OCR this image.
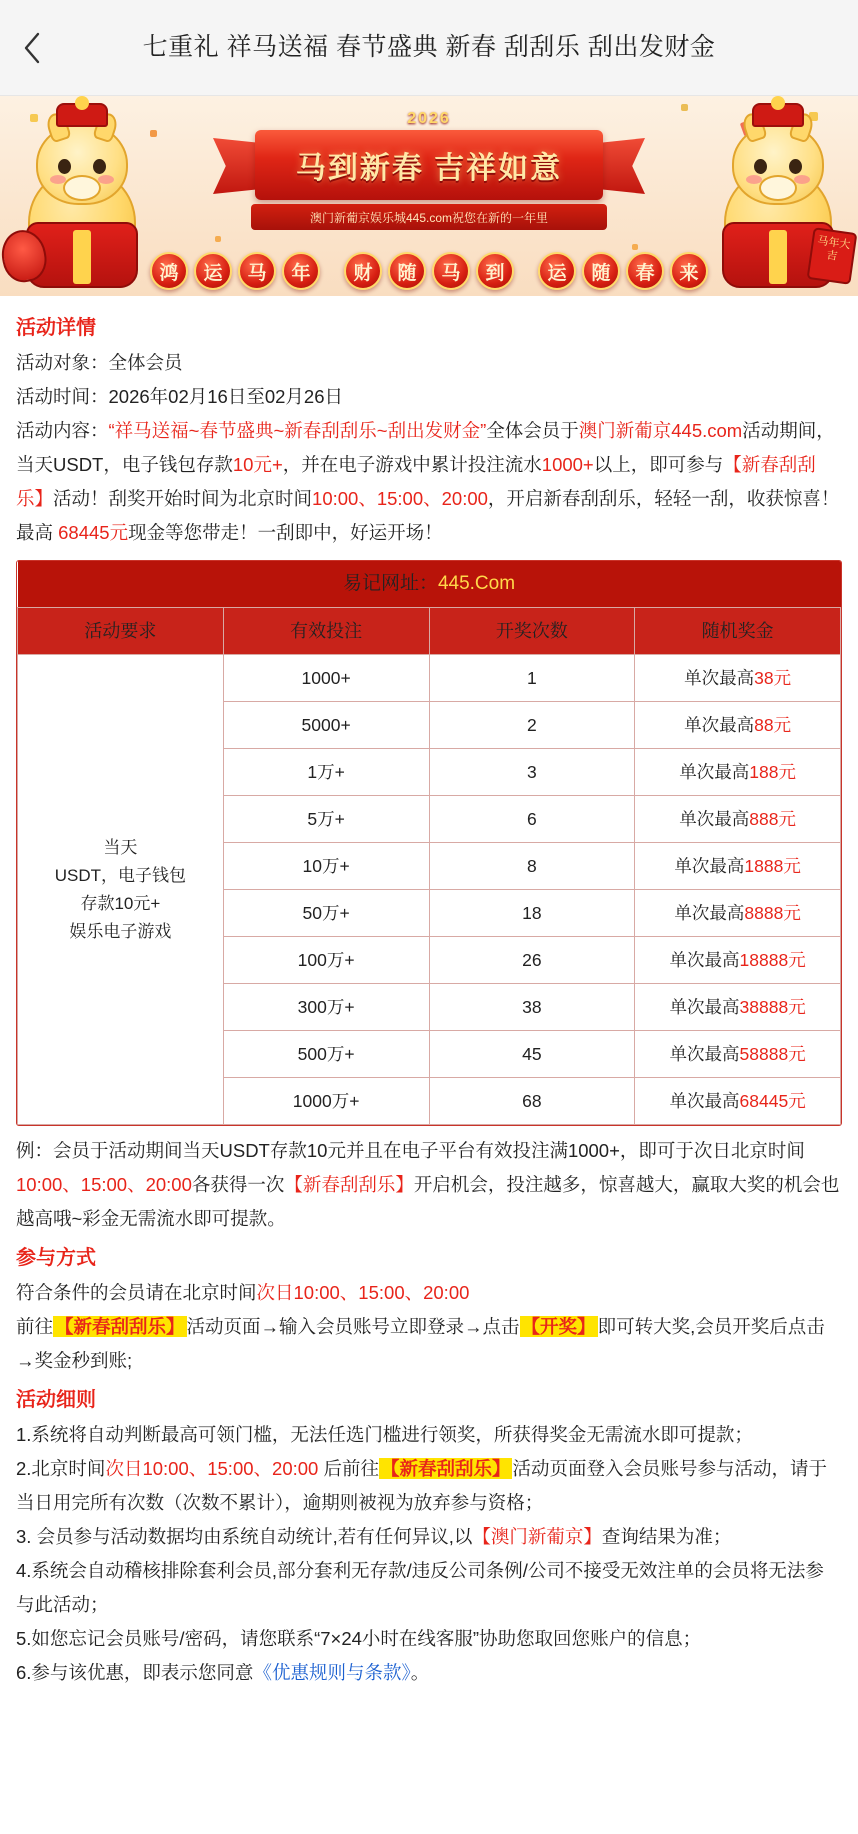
七重礼 祥马送福 春节盛典 新春 刮刮乐 刮出发财金
马年大吉
2026
马到新春 吉祥如意
澳门新葡京娱乐城445.com祝您在新的一年里
鸿	运	马	年	财	随	马	到	运	随	春	来
活动详情
活动对象：全体会员
活动时间：2026年02月16日至02月26日
活动内容：“祥马送福~春节盛典~新春刮刮乐~刮出发财金”全体会员于澳门新葡京445.com活动期间，当天USDT，电子钱包存款10元+，并在电子游戏中累计投注流水1000+以上，即可参与【新春刮刮乐】活动！刮奖开始时间为北京时间10:00、15:00、20:00，开启新春刮刮乐，轻轻一刮，收获惊喜！最高 68445元现金等您带走！一刮即中，好运开场！
易记网址：445.Com			
活动要求	有效投注	开奖次数	随机奖金
当天
USDT，电子钱包
存款10元+
娱乐电子游戏	1000+	1	单次最高38元
	5000+	2	单次最高88元
	1万+	3	单次最高188元
	5万+	6	单次最高888元
	10万+	8	单次最高1888元
	50万+	18	单次最高8888元
	100万+	26	单次最高18888元
	300万+	38	单次最高38888元
	500万+	45	单次最高58888元
	1000万+	68	单次最高68445元
例：会员于活动期间当天USDT存款10元并且在电子平台有效投注满1000+，即可于次日北京时间10:00、15:00、20:00各获得一次【新春刮刮乐】开启机会，投注越多，惊喜越大，赢取大奖的机会也越高哦~彩金无需流水即可提款。
参与方式
符合条件的会员请在北京时间次日10:00、15:00、20:00
前往 【新春刮刮乐】 活动页面→输入会员账号立即登录→点击 【开奖】 即可转大奖,会员开奖后点击→奖金秒到账;
活动细则
1.系统将自动判断最高可领门槛，无法任选门槛进行领奖，所获得奖金无需流水即可提款；
2.北京时间次日10:00、15:00、20:00 后前往 【新春刮刮乐】 活动页面登入会员账号参与活动，请于当日用完所有次数（次数不累计），逾期则被视为放弃参与资格；
3. 会员参与活动数据均由系统自动统计,若有任何异议,以【澳门新葡京】查询结果为准；
4.系统会自动稽核排除套利会员,部分套利无存款/违反公司条例/公司不接受无效注单的会员将无法参与此活动；
5.如您忘记会员账号/密码，请您联系“7×24小时在线客服”协助您取回您账户的信息；
6.参与该优惠，即表示您同意《优惠规则与条款》。
